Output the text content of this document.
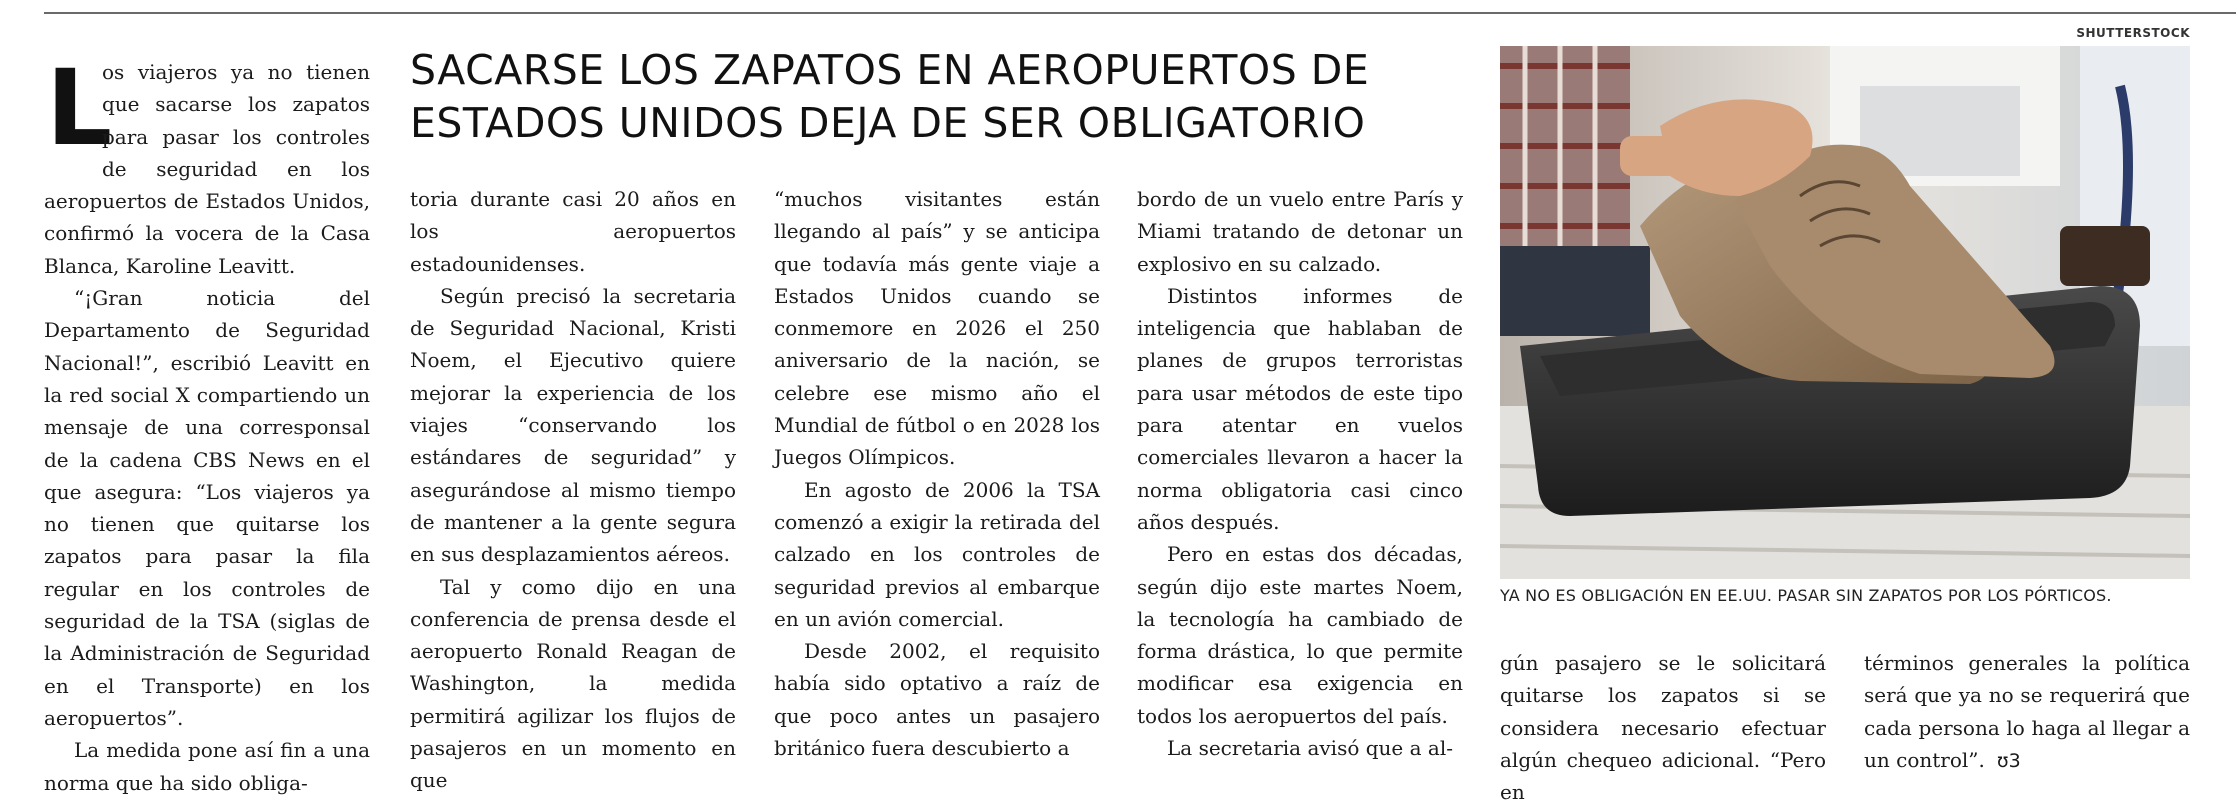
SACARSE LOS ZAPATOS EN AEROPUERTOS DE
ESTADOS UNIDOS DEJA DE SER OBLIGATORIO
L

os viajeros ya no tienen que sacarse los zapatos para pasar los controles de seguridad en los aeropuertos de Estados Unidos, confirmó la vocera de la Casa Blanca, Karoline Leavitt.

“¡Gran noticia del Departamento de Seguridad Nacional!”, escribió Leavitt en la red social X compartiendo un mensaje de una corresponsal de la cadena CBS News en el que asegura: “Los viajeros ya no tienen que quitarse los zapatos para pasar la fila regular en los controles de seguridad de la TSA (siglas de la Administración de Seguridad en el Transporte) en los aeropuertos”.

La medida pone así fin a una norma que ha sido obliga-

toria durante casi 20 años en los aeropuertos estadounidenses.

Según precisó la secretaria de Seguridad Nacional, Kristi Noem, el Ejecutivo quiere mejorar la experiencia de los viajes “conservando los estándares de seguridad” y asegurándose al mismo tiempo de mantener a la gente segura en sus desplazamientos aéreos.

Tal y como dijo en una conferencia de prensa desde el aeropuerto Ronald Reagan de Washington, la medida permitirá agilizar los flujos de pasajeros en un momento en que

“muchos visitantes están llegando al país” y se anticipa que todavía más gente viaje a Estados Unidos cuando se conmemore en 2026 el 250 aniversario de la nación, se celebre ese mismo año el Mundial de fútbol o en 2028 los Juegos Olímpicos.

En agosto de 2006 la TSA comenzó a exigir la retirada del calzado en los controles de seguridad previos al embarque en un avión comercial.

Desde 2002, el requisito había sido optativo a raíz de que poco antes un pasajero británico fuera descubierto a

bordo de un vuelo entre París y Miami tratando de detonar un explosivo en su calzado.

Distintos informes de inteligencia que hablaban de planes de grupos terroristas para usar métodos de este tipo para atentar en vuelos comerciales llevaron a hacer la norma obligatoria casi cinco años después.

Pero en estas dos décadas, según dijo este martes Noem, la tecnología ha cambiado de forma drástica, lo que permite modificar esa exigencia en todos los aeropuertos del país.

La secretaria avisó que a al-

SHUTTERSTOCK
YA NO ES OBLIGACIÓN EN EE.UU. PASAR SIN ZAPATOS POR LOS PÓRTICOS.

gún pasajero se le solicitará quitarse los zapatos si se considera necesario efectuar algún chequeo adicional. “Pero en

términos generales la política será que ya no se requerirá que cada persona lo haga al llegar a un control”. ʊ3
